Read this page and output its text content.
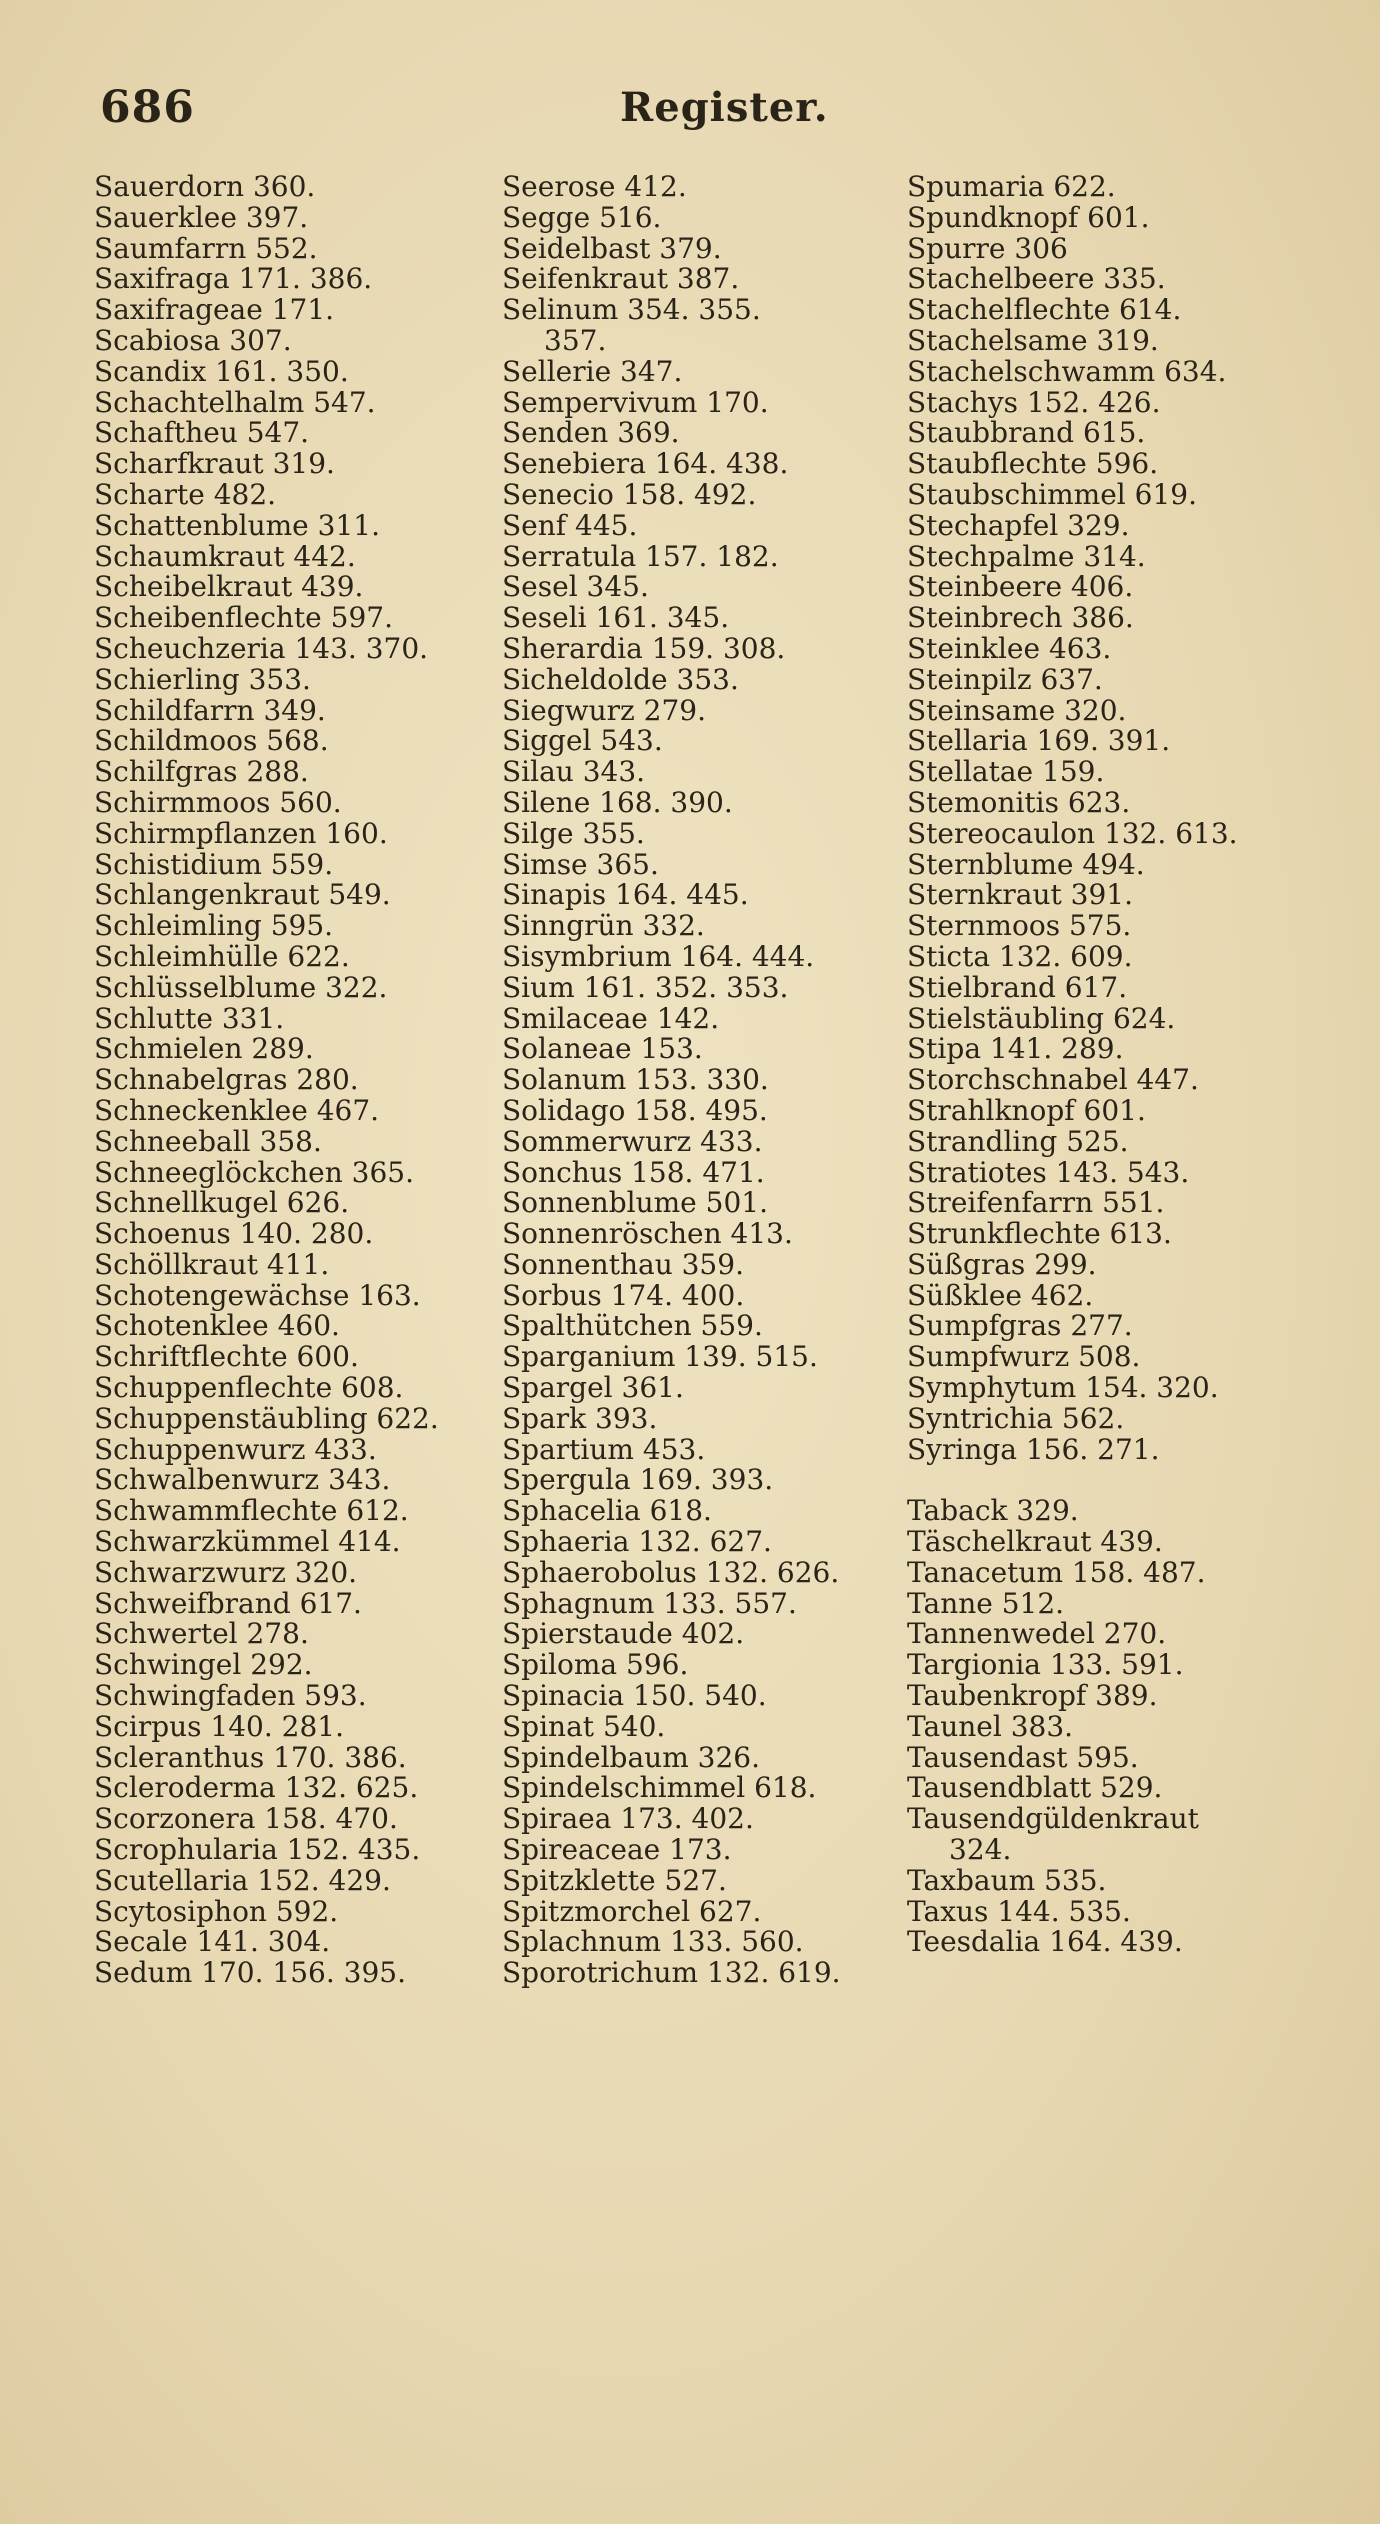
686	Register.
Sauerdorn 360.
Sauerklee 397.
Saumfarrn 552.
Saxifraga 171. 386.
Saxifrageae 171.
Scabiosa 307.
Scandix 161. 350.
Schachtelhalm 547.
Schaftheu 547.
Scharfkraut 319.
Scharte 482.
Schattenblume 311.
Schaumkraut 442.
Scheibelkraut 439.
Scheibenflechte 597.
Scheuchzeria 143. 370.
Schierling 353.
Schildfarrn 349.
Schildmoos 568.
Schilfgras 288.
Schirmmoos 560.
Schirmpflanzen 160.
Schistidium 559.
Schlangenkraut 549.
Schleimling 595.
Schleimhülle 622.
Schlüsselblume 322.
Schlutte 331.
Schmielen 289.
Schnabelgras 280.
Schneckenklee 467.
Schneeball 358.
Schneeglöckchen 365.
Schnellkugel 626.
Schoenus 140. 280.
Schöllkraut 411.
Schotengewächse 163.
Schotenklee 460.
Schriftflechte 600.
Schuppenflechte 608.
Schuppenstäubling 622.
Schuppenwurz 433.
Schwalbenwurz 343.
Schwammflechte 612.
Schwarzkümmel 414.
Schwarzwurz 320.
Schweifbrand 617.
Schwertel 278.
Schwingel 292.
Schwingfaden 593.
Scirpus 140. 281.
Scleranthus 170. 386.
Scleroderma 132. 625.
Scorzonera 158. 470.
Scrophularia 152. 435.
Scutellaria 152. 429.
Scytosiphon 592.
Secale 141. 304.
Sedum 170. 156. 395.
Seerose 412.
Segge 516.
Seidelbast 379.
Seifenkraut 387.
Selinum 354. 355.
357.
Sellerie 347.
Sempervivum 170.
Senden 369.
Senebiera 164. 438.
Senecio 158. 492.
Senf 445.
Serratula 157. 182.
Sesel 345.
Seseli 161. 345.
Sherardia 159. 308.
Sicheldolde 353.
Siegwurz 279.
Siggel 543.
Silau 343.
Silene 168. 390.
Silge 355.
Simse 365.
Sinapis 164. 445.
Sinngrün 332.
Sisymbrium 164. 444.
Sium 161. 352. 353.
Smilaceae 142.
Solaneae 153.
Solanum 153. 330.
Solidago 158. 495.
Sommerwurz 433.
Sonchus 158. 471.
Sonnenblume 501.
Sonnenröschen 413.
Sonnenthau 359.
Sorbus 174. 400.
Spalthütchen 559.
Sparganium 139. 515.
Spargel 361.
Spark 393.
Spartium 453.
Spergula 169. 393.
Sphacelia 618.
Sphaeria 132. 627.
Sphaerobolus 132. 626.
Sphagnum 133. 557.
Spierstaude 402.
Spiloma 596.
Spinacia 150. 540.
Spinat 540.
Spindelbaum 326.
Spindelschimmel 618.
Spiraea 173. 402.
Spireaceae 173.
Spitzklette 527.
Spitzmorchel 627.
Splachnum 133. 560.
Sporotrichum 132. 619.
Spumaria 622.
Spundknopf 601.
Spurre 306
Stachelbeere 335.
Stachelflechte 614.
Stachelsame 319.
Stachelschwamm 634.
Stachys 152. 426.
Staubbrand 615.
Staubflechte 596.
Staubschimmel 619.
Stechapfel 329.
Stechpalme 314.
Steinbeere 406.
Steinbrech 386.
Steinklee 463.
Steinpilz 637.
Steinsame 320.
Stellaria 169. 391.
Stellatae 159.
Stemonitis 623.
Stereocaulon 132. 613.
Sternblume 494.
Sternkraut 391.
Sternmoos 575.
Sticta 132. 609.
Stielbrand 617.
Stielstäubling 624.
Stipa 141. 289.
Storchschnabel 447.
Strahlknopf 601.
Strandling 525.
Stratiotes 143. 543.
Streifenfarrn 551.
Strunkflechte 613.
Süßgras 299.
Süßklee 462.
Sumpfgras 277.
Sumpfwurz 508.
Symphytum 154. 320.
Syntrichia 562.
Syringa 156. 271.
Taback 329.
Täschelkraut 439.
Tanacetum 158. 487.
Tanne 512.
Tannenwedel 270.
Targionia 133. 591.
Taubenkropf 389.
Taunel 383.
Tausendast 595.
Tausendblatt 529.
Tausendgüldenkraut
324.
Taxbaum 535.
Taxus 144. 535.
Teesdalia 164. 439.
